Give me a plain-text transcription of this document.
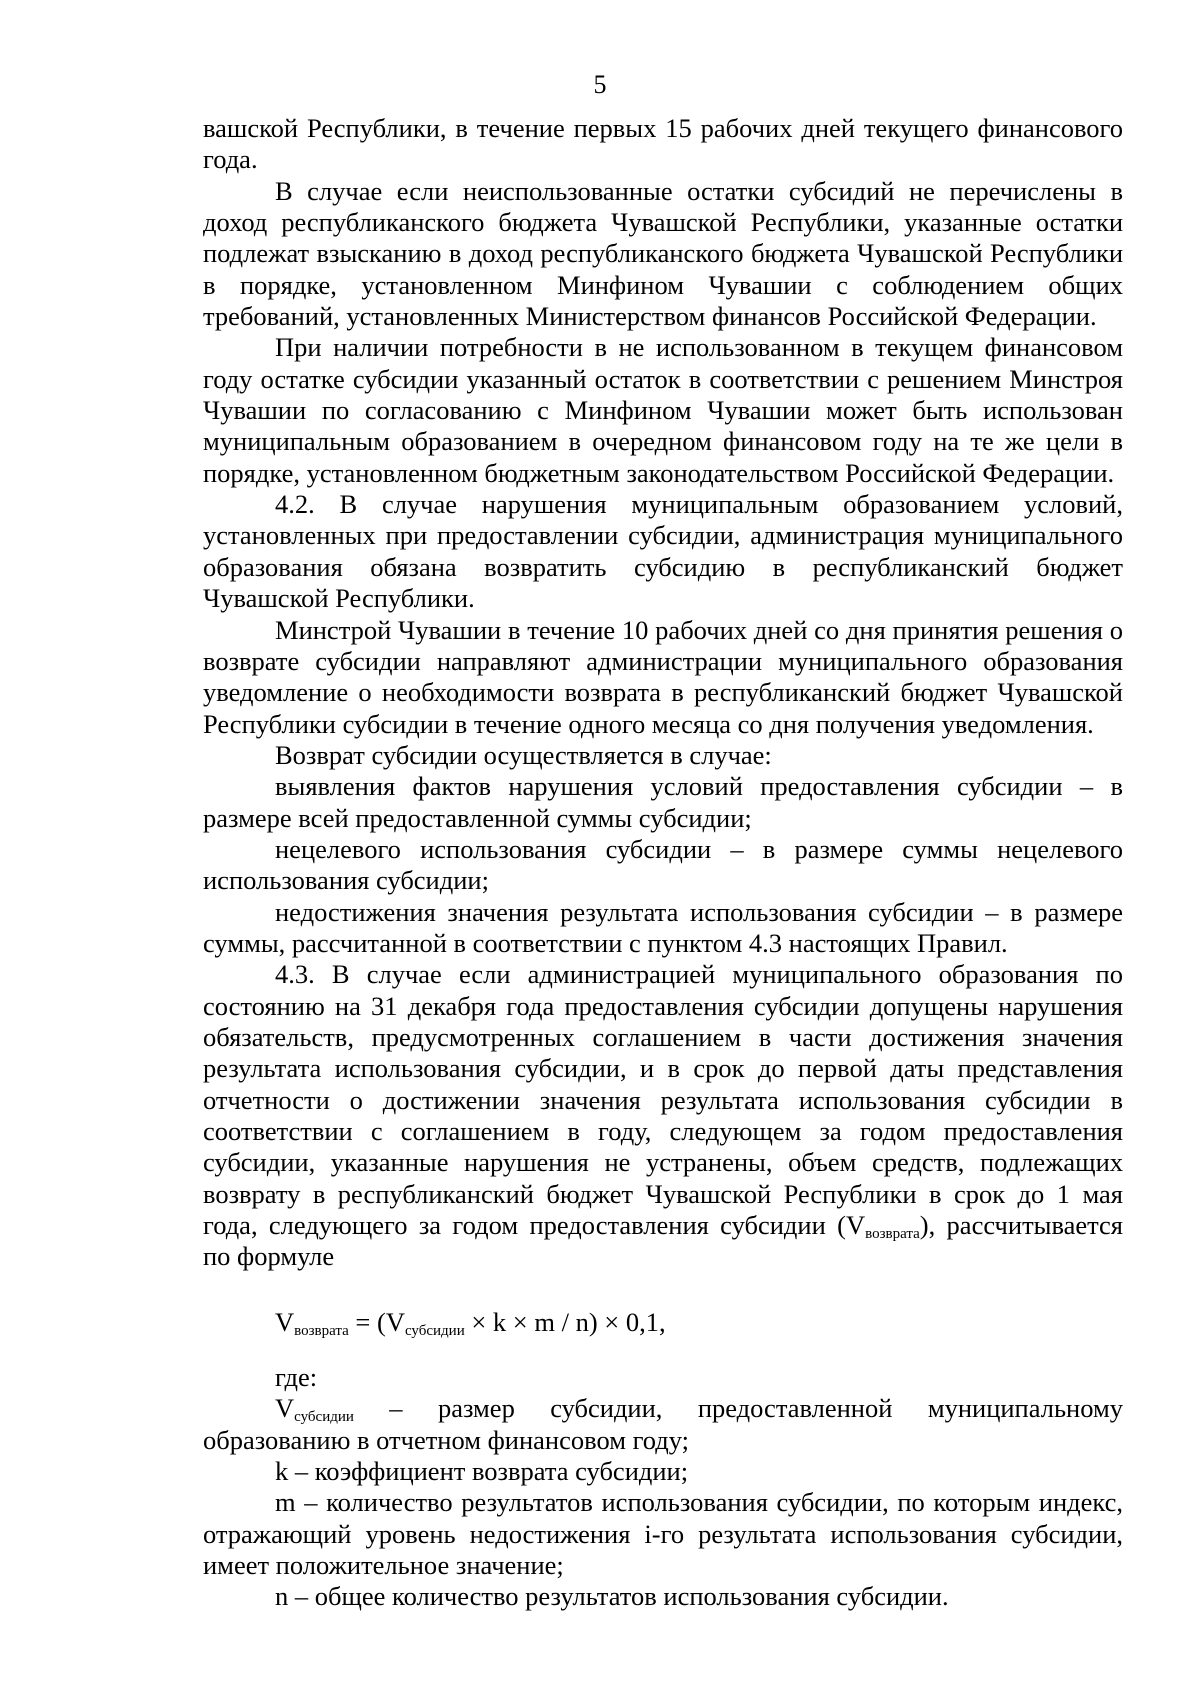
5

вашской Республики, в течение первых 15 рабочих дней текущего финансового года.

В случае если неиспользованные остатки субсидий не перечислены в доход республиканского бюджета Чувашской Республики, указанные остатки подлежат взысканию в доход республиканского бюджета Чувашской Республики в порядке, установленном Минфином Чувашии с соблюдением общих требований, установленных Министерством финансов Российской Федерации.

При наличии потребности в не использованном в текущем финансовом году остатке субсидии указанный остаток в соответствии с решением Минстроя Чувашии по согласованию с Минфином Чувашии может быть использован муниципальным образованием в очередном финансовом году на те же цели в порядке, установленном бюджетным законодательством Российской Федерации.

4.2. В случае нарушения муниципальным образованием условий, установленных при предоставлении субсидии, администрация муниципального образования обязана возвратить субсидию в республиканский бюджет Чувашской Республики.

Минстрой Чувашии в течение 10 рабочих дней со дня принятия решения о возврате субсидии направляют администрации муниципального образования уведомление о необходимости возврата в республиканский бюджет Чувашской Республики субсидии в течение одного месяца со дня получения уведомления.

Возврат субсидии осуществляется в случае:

выявления фактов нарушения условий предоставления субсидии – в размере всей предоставленной суммы субсидии;

нецелевого использования субсидии – в размере суммы нецелевого использования субсидии;

недостижения значения результата использования субсидии – в размере суммы, рассчитанной в соответствии с пунктом 4.3 настоящих Правил.

4.3. В случае если администрацией муниципального образования по состоянию на 31 декабря года предоставления субсидии допущены нарушения обязательств, предусмотренных соглашением в части достижения значения результата использования субсидии, и в срок до первой даты представления отчетности о достижении значения результата использования субсидии в соответствии с соглашением в году, следующем за годом предоставления субсидии, указанные нарушения не устранены, объем средств, подлежащих возврату в республиканский бюджет Чувашской Республики в срок до 1 мая года, следующего за годом предоставления субсидии $(V_{возврата})$, рассчитывается по формуле

$V_{возврата} = (V_{субсидии} \times k \times m / n) \times 0,1$,

где:

$V_{субсидии}$ – размер субсидии, предоставленной муниципальному образованию в отчетном финансовом году;

k – коэффициент возврата субсидии;

m – количество результатов использования субсидии, по которым индекс, отражающий уровень недостижения i-го результата использования субсидии, имеет положительное значение;

n – общее количество результатов использования субсидии.
